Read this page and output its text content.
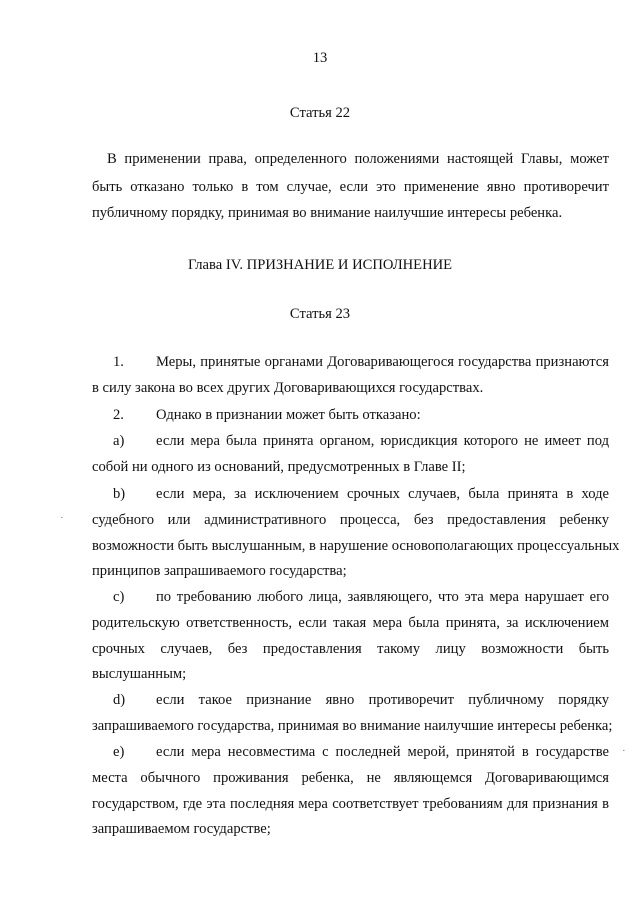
13
Статья 22
В применении права, определенного положениями настоящей Главы, может
быть отказано только в том случае, если это применение явно противоречит
публичному порядку, принимая во внимание наилучшие интересы ребенка.
Глава IV. ПРИЗНАНИЕ И ИСПОЛНЕНИЕ
Статья 23
1. Меры, принятые органами Договаривающегося государства признаются
в силу закона во всех других Договаривающихся государствах.
2. Однако в признании может быть отказано:
a) если мера была принята органом, юрисдикция которого не имеет под
собой ни одного из оснований, предусмотренных в Главе II;
b) если мера, за исключением срочных случаев, была принята в ходе
судебного или административного процесса, без предоставления ребенку
возможности быть выслушанным, в нарушение основополагающих процессуальных
принципов запрашиваемого государства;
c) по требованию любого лица, заявляющего, что эта мера нарушает его
родительскую ответственность, если такая мера была принята, за исключением
срочных случаев, без предоставления такому лицу возможности быть
выслушанным;
d) если такое признание явно противоречит публичному порядку
запрашиваемого государства, принимая во внимание наилучшие интересы ребенка;
e) если мера несовместима с последней мерой, принятой в государстве
места обычного проживания ребенка, не являющемся Договаривающимся
государством, где эта последняя мера соответствует требованиям для признания в
запрашиваемом государстве;
·
·
